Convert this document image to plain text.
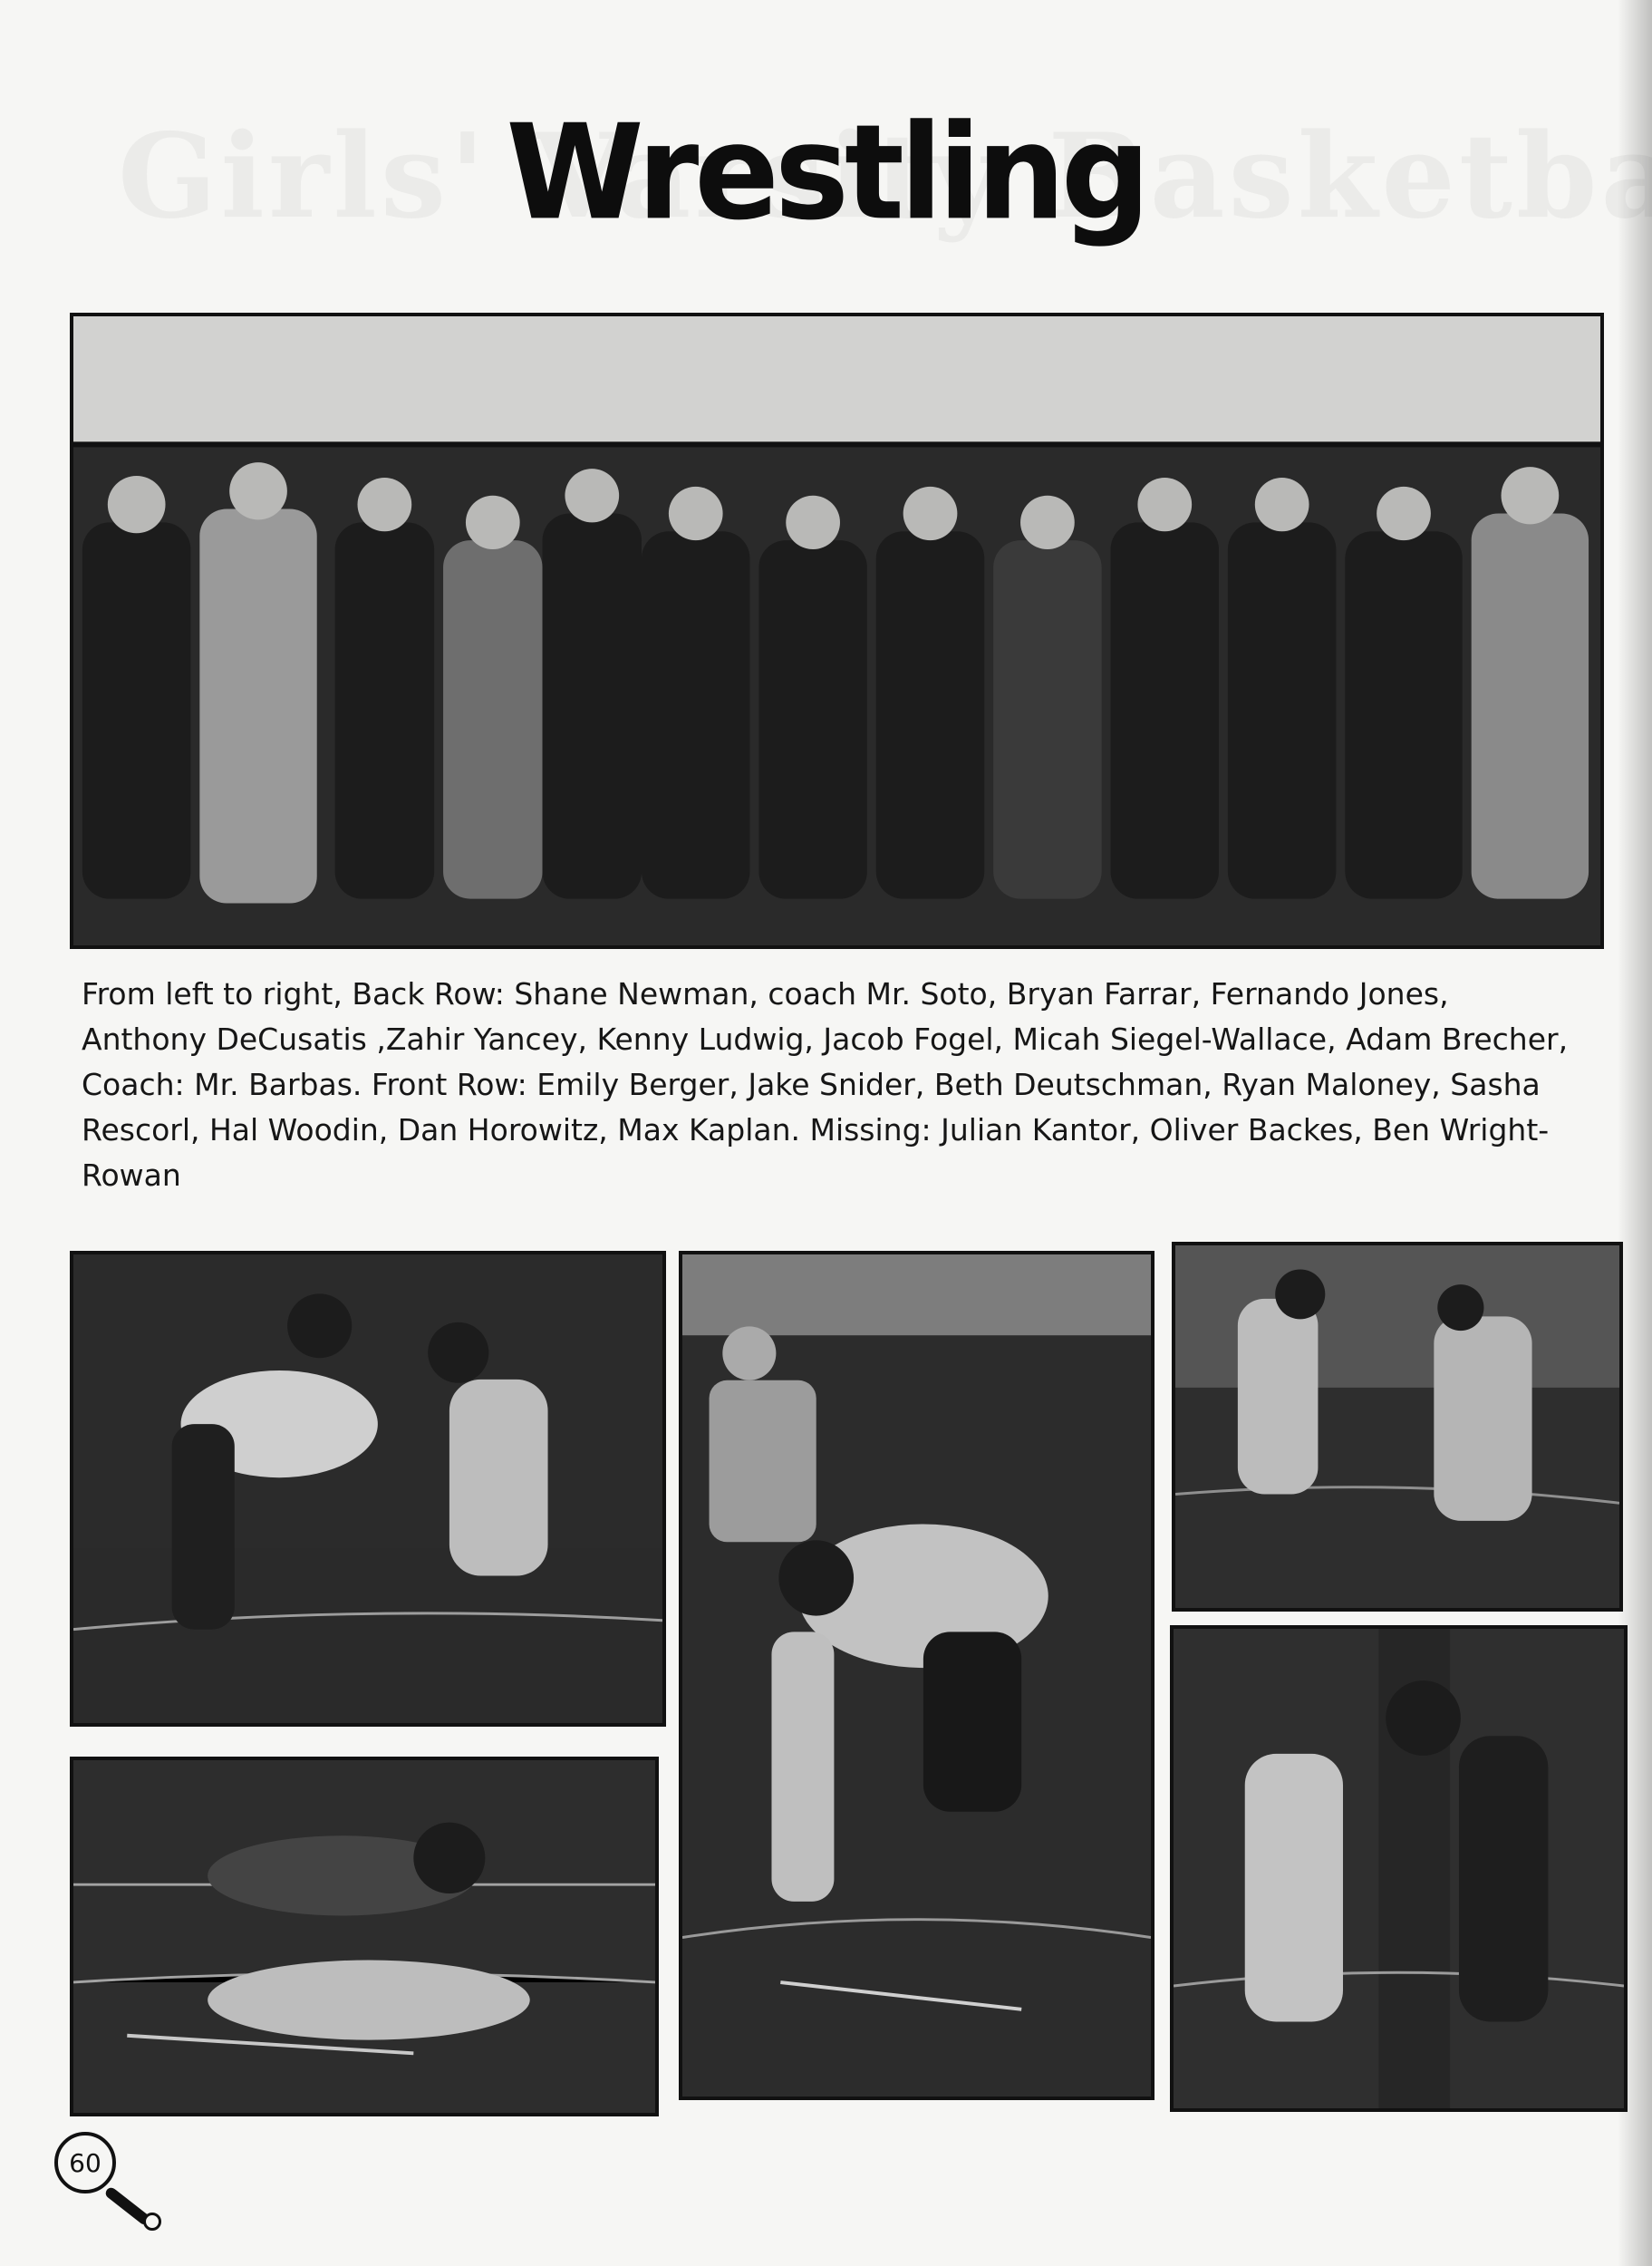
Wrestling
From left to right, Back Row: Shane Newman, coach Mr. Soto, Bryan Farrar, Fernando Jones, Anthony DeCusatis ,Zahir Yancey, Kenny Ludwig, Jacob Fogel, Micah Siegel-Wallace, Adam Brecher, Coach: Mr. Barbas. Front Row: Emily Berger, Jake Snider, Beth Deutschman, Ryan Maloney, Sasha Rescorl, Hal Woodin, Dan Horowitz, Max Kaplan. Missing: Julian Kantor, Oliver Backes, Ben Wright-Rowan
60
